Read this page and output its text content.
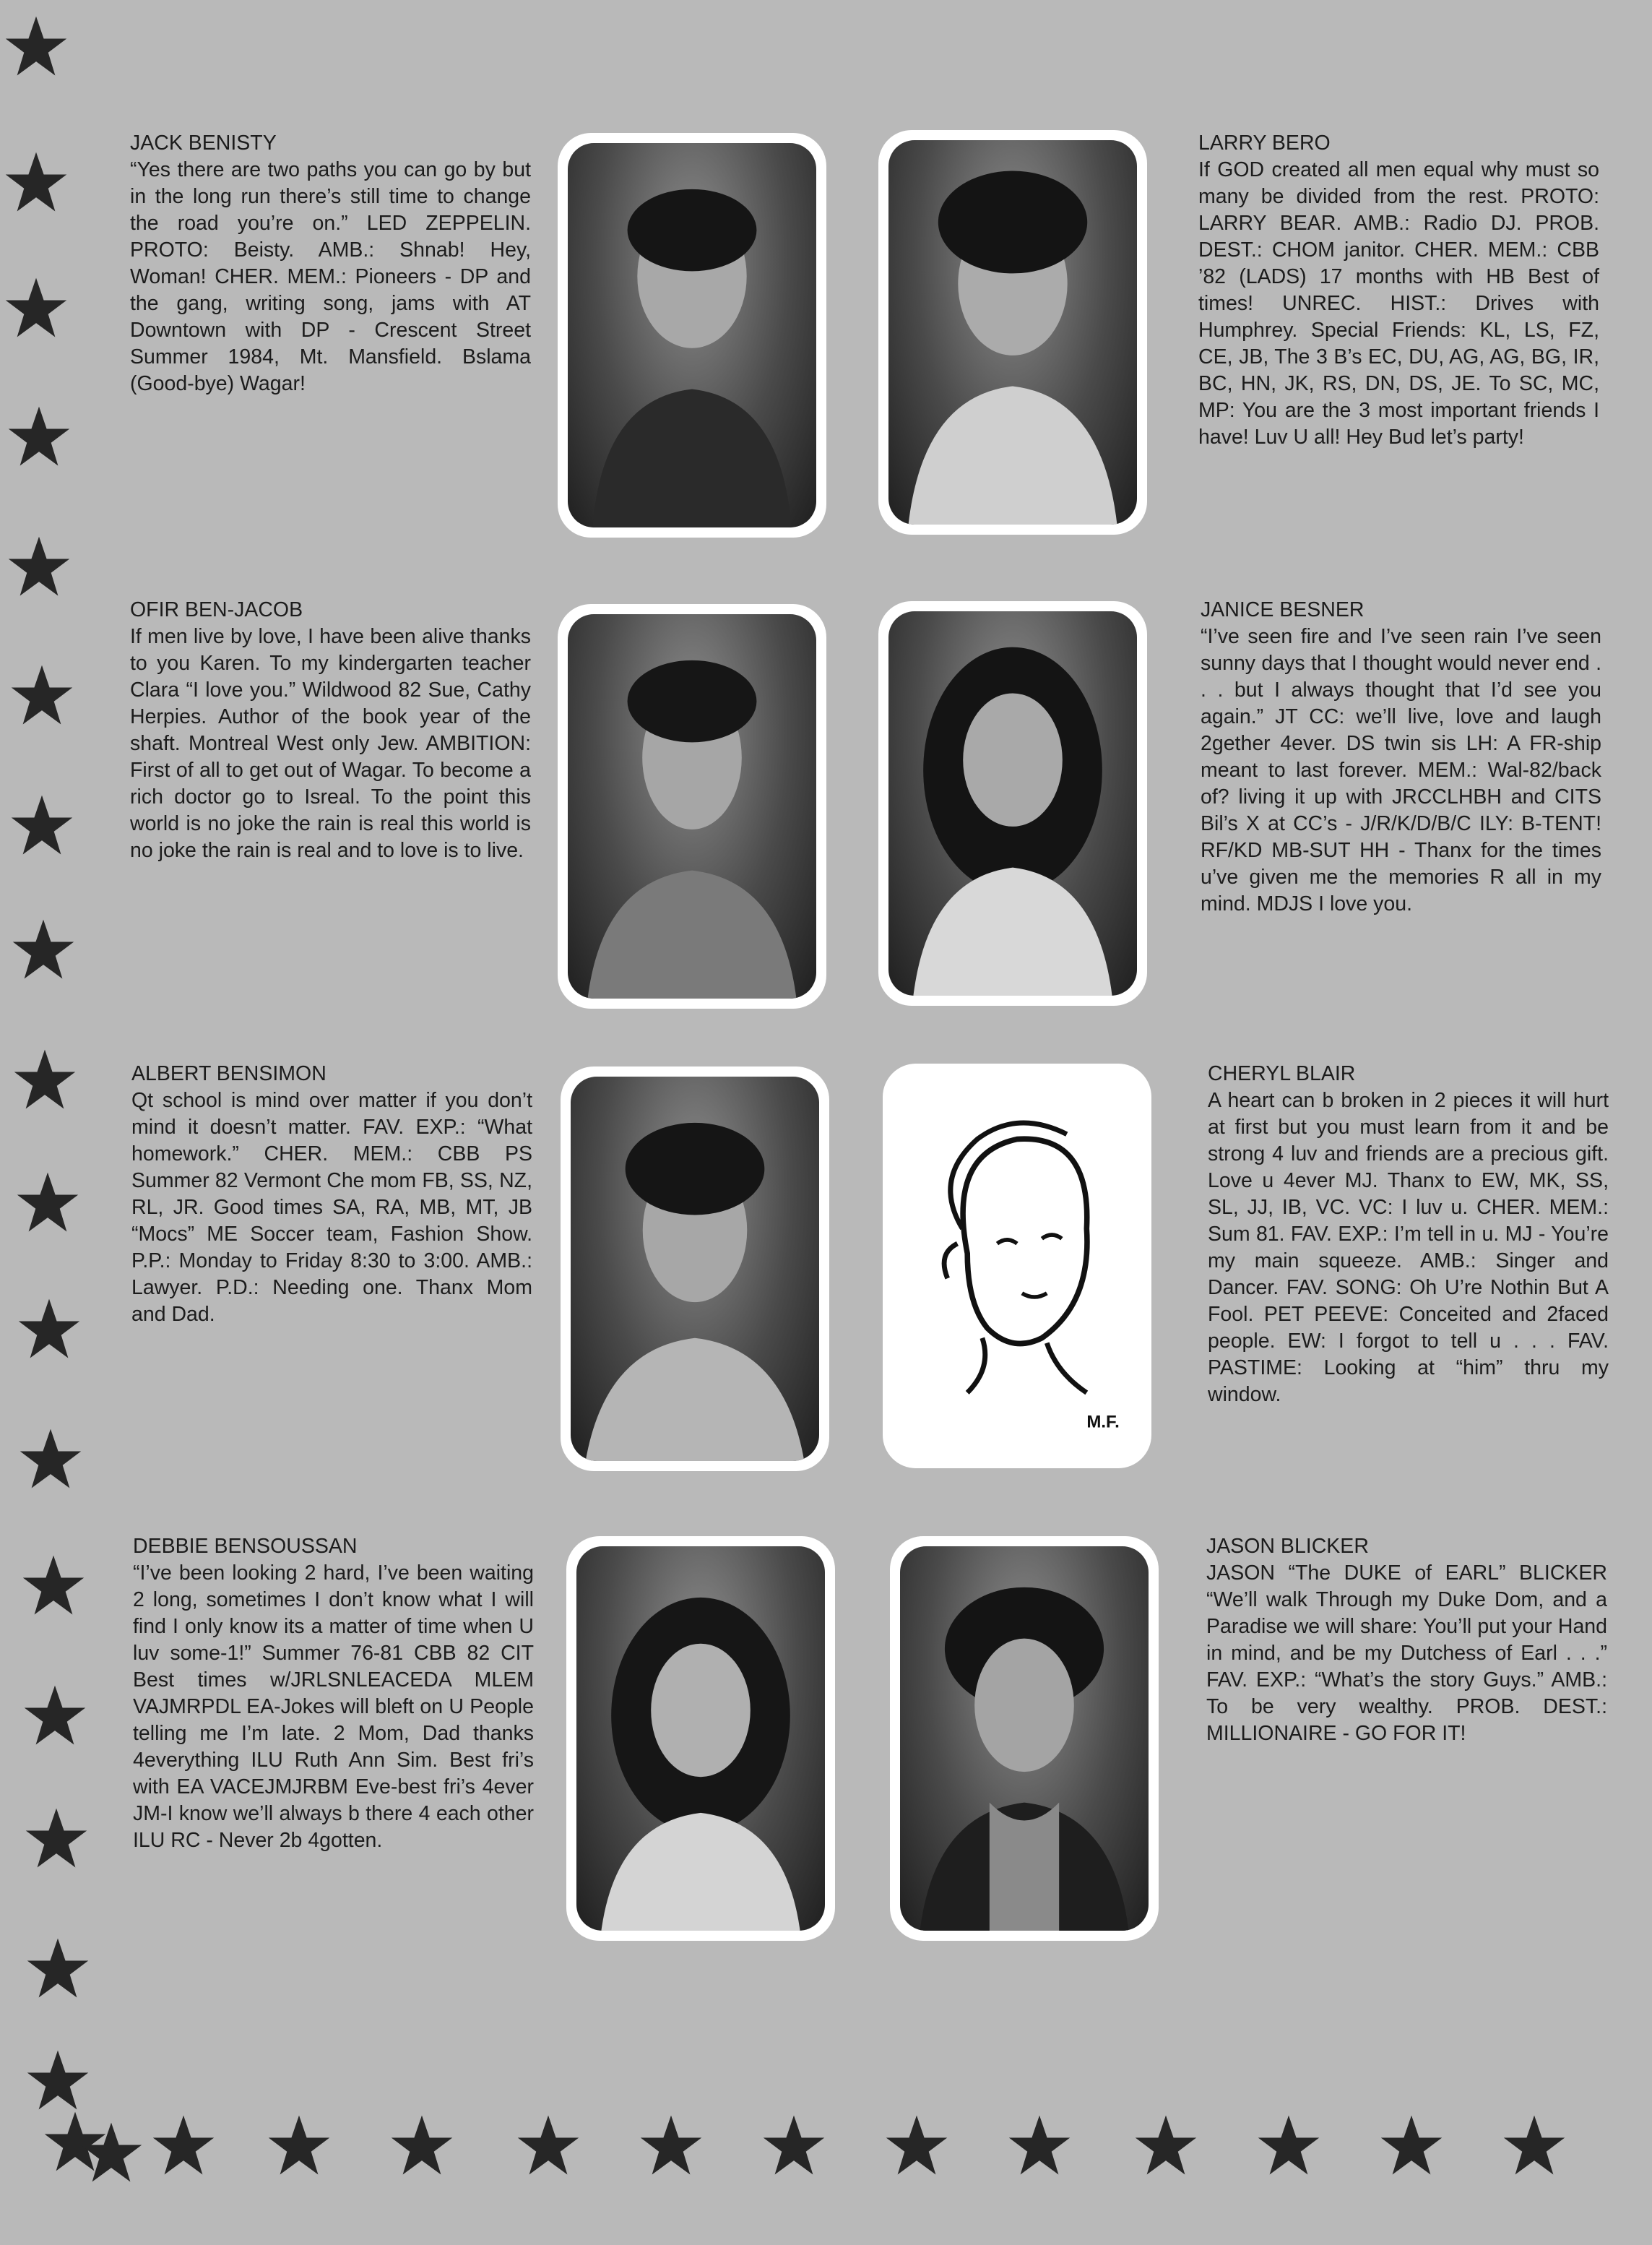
M.F.
JACK BENISTY
“Yes there are two paths you can go by but in the long run there’s still time to change the road you’re on.” LED ZEPPELIN. PROTO: Beisty. AMB.: Shnab! Hey, Woman! CHER. MEM.: Pioneers - DP and the gang, writing song, jams with AT Downtown with DP - Crescent Street Summer 1984, Mt. Mansfield. Bslama (Good-bye) Wagar!
LARRY BERO
If GOD created all men equal why must so many be divided from the rest. PROTO: LARRY BEAR. AMB.: Radio DJ. PROB. DEST.: CHOM janitor. CHER. MEM.: CBB ’82 (LADS) 17 months with HB Best of times! UNREC. HIST.: Drives with Humphrey. Special Friends: KL, LS, FZ, CE, JB, The 3 B’s EC, DU, AG, AG, BG, IR, BC, HN, JK, RS, DN, DS, JE. To SC, MC, MP: You are the 3 most important friends I have! Luv U all! Hey Bud let’s party!
OFIR BEN-JACOB
If men live by love, I have been alive thanks to you Karen. To my kindergarten teacher Clara “I love you.” Wildwood 82 Sue, Cathy Herpies. Author of the book year of the shaft. Montreal West only Jew. AMBITION: First of all to get out of Wagar. To become a rich doctor go to Isreal. To the point this world is no joke the rain is real this world is no joke the rain is real and to love is to live.
JANICE BESNER
“I’ve seen fire and I’ve seen rain I’ve seen sunny days that I thought would never end . . . but I always thought that I’d see you again.” JT CC: we’ll live, love and laugh 2gether 4ever. DS twin sis LH: A FR-ship meant to last forever. MEM.: Wal-82/back of? living it up with JRCCLHBH and CITS Bil’s X at CC’s - J/R/K/D/B/C ILY: B-TENT! RF/KD MB-SUT HH - Thanx for the times u’ve given me the memories R all in my mind. MDJS I love you.
ALBERT BENSIMON
Qt school is mind over matter if you don’t mind it doesn’t matter. FAV. EXP.: “What homework.” CHER. MEM.: CBB PS Summer 82 Vermont Che mom FB, SS, NZ, RL, JR. Good times SA, RA, MB, MT, JB “Mocs” ME Soccer team, Fashion Show. P.P.: Monday to Friday 8:30 to 3:00. AMB.: Lawyer. P.D.: Needing one. Thanx Mom and Dad.
CHERYL BLAIR
A heart can b broken in 2 pieces it will hurt at first but you must learn from it and be strong 4 luv and friends are a precious gift. Love u 4ever MJ. Thanx to EW, MK, SS, SL, JJ, IB, VC. VC: I luv u. CHER. MEM.: Sum 81. FAV. EXP.: I’m tell in u. MJ - You’re my main squeeze. AMB.: Singer and Dancer. FAV. SONG: Oh U’re Nothin But A Fool. PET PEEVE: Conceited and 2faced people. EW: I forgot to tell u . . . FAV. PASTIME: Looking at “him” thru my window.
DEBBIE BENSOUSSAN
“I’ve been looking 2 hard, I’ve been waiting 2 long, sometimes I don’t know what I will find I only know its a matter of time when U luv some-1!” Summer 76-81 CBB 82 CIT Best times w/JRLSNLEACEDA MLEM VAJMRPDL EA-Jokes will bleft on U People telling me I’m late. 2 Mom, Dad thanks 4everything ILU Ruth Ann Sim. Best fri’s with EA VACEJMJRBM Eve-best fri’s 4ever JM-I know we’ll always b there 4 each other ILU RC - Never 2b 4gotten.
JASON BLICKER
JASON “The DUKE of EARL” BLICKER “We’ll walk Through my Duke Dom, and a Paradise we will share: You’ll put your Hand in mind, and be my Dutchess of Earl . . .” FAV. EXP.: “What’s the story Guys.” AMB.: To be very wealthy. PROB. DEST.: MILLIONAIRE - GO FOR IT!
